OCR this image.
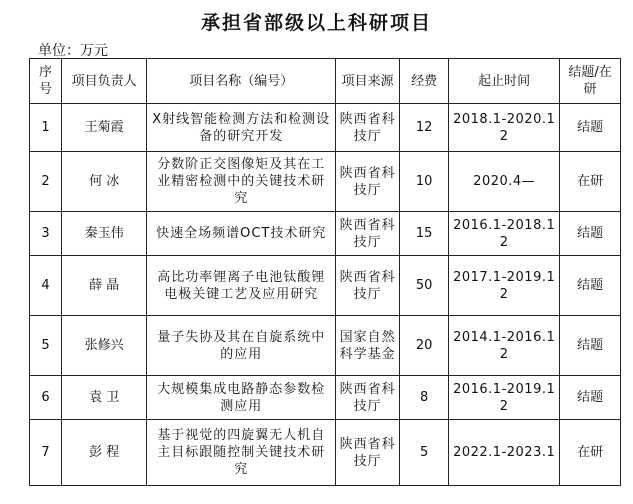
承担省部级以上科研项目
单位：万元
序号	项目负责人	项目名称（编号）	项目来源	经费	起止时间	结题/在研
1	王菊霞	X射线智能检测方法和检测设备的研究开发	陕西省科技厅	12	2018.1-2020.12	结题
2	何 冰	分数阶正交图像矩及其在工业精密检测中的关键技术研究	陕西省科技厅	10	2020.4—	在研
3	秦玉伟	快速全场频谱OCT技术研究	陕西省科技厅	15	2016.1-2018.12	结题
4	薛 晶	高比功率锂离子电池钛酸锂电极关键工艺及应用研究	陕西省科技厅	50	2017.1-2019.12	结题
5	张修兴	量子失协及其在自旋系统中的应用	国家自然科学基金	20	2014.1-2016.12	结题
6	袁 卫	大规模集成电路静态参数检测应用	陕西省科技厅	8	2016.1-2019.12	结题
7	彭 程	基于视觉的四旋翼无人机自主目标跟随控制关键技术研究	陕西省科技厅	5	2022.1-2023.1	在研
